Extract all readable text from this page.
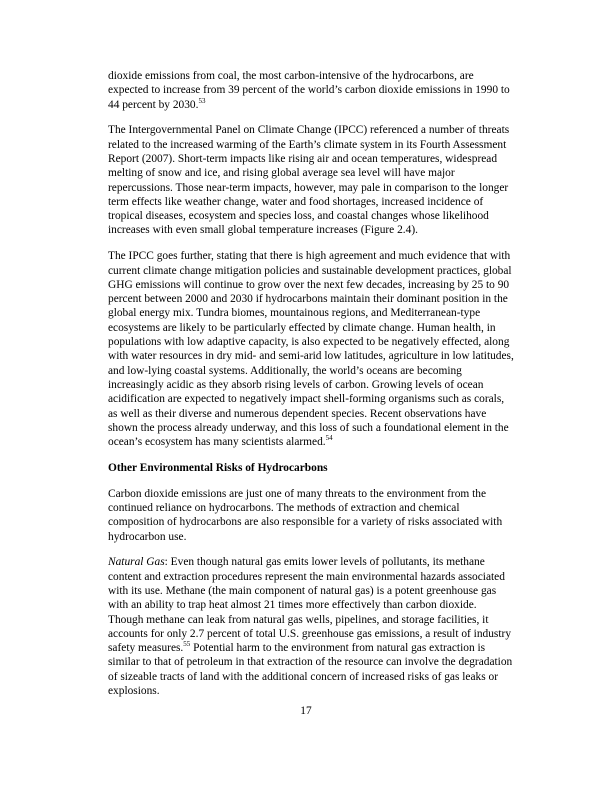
dioxide emissions from coal, the most carbon-intensive of the hydrocarbons, are expected to increase from 39 percent of the world’s carbon dioxide emissions in 1990 to 44 percent by 2030.53

The Intergovernmental Panel on Climate Change (IPCC) referenced a number of threats related to the increased warming of the Earth’s climate system in its Fourth Assessment Report (2007). Short-term impacts like rising air and ocean temperatures, widespread melting of snow and ice, and rising global average sea level will have major repercussions. Those near-term impacts, however, may pale in comparison to the longer term effects like weather change, water and food shortages, increased incidence of tropical diseases, ecosystem and species loss, and coastal changes whose likelihood increases with even small global temperature increases (Figure 2.4).

The IPCC goes further, stating that there is high agreement and much evidence that with current climate change mitigation policies and sustainable development practices, global GHG emissions will continue to grow over the next few decades, increasing by 25 to 90 percent between 2000 and 2030 if hydrocarbons maintain their dominant position in the global energy mix. Tundra biomes, mountainous regions, and Mediterranean-type ecosystems are likely to be particularly effected by climate change. Human health, in populations with low adaptive capacity, is also expected to be negatively effected, along with water resources in dry mid- and semi-arid low latitudes, agriculture in low latitudes, and low-lying coastal systems. Additionally, the world’s oceans are becoming increasingly acidic as they absorb rising levels of carbon. Growing levels of ocean acidification are expected to negatively impact shell-forming organisms such as corals, as well as their diverse and numerous dependent species. Recent observations have shown the process already underway, and this loss of such a foundational element in the ocean’s ecosystem has many scientists alarmed.$^{54}$

Other Environmental Risks of Hydrocarbons

Carbon dioxide emissions are just one of many threats to the environment from the continued reliance on hydrocarbons. The methods of extraction and chemical composition of hydrocarbons are also responsible for a variety of risks associated with hydrocarbon use.

Natural Gas: Even though natural gas emits lower levels of pollutants, its methane content and extraction procedures represent the main environmental hazards associated with its use. Methane (the main component of natural gas) is a potent greenhouse gas with an ability to trap heat almost 21 times more effectively than carbon dioxide. Though methane can leak from natural gas wells, pipelines, and storage facilities, it accounts for only 2.7 percent of total U.S. greenhouse gas emissions, a result of industry safety measures.$^{55}$ Potential harm to the environment from natural gas extraction is similar to that of petroleum in that extraction of the resource can involve the degradation of sizeable tracts of land with the additional concern of increased risks of gas leaks or explosions.

17
